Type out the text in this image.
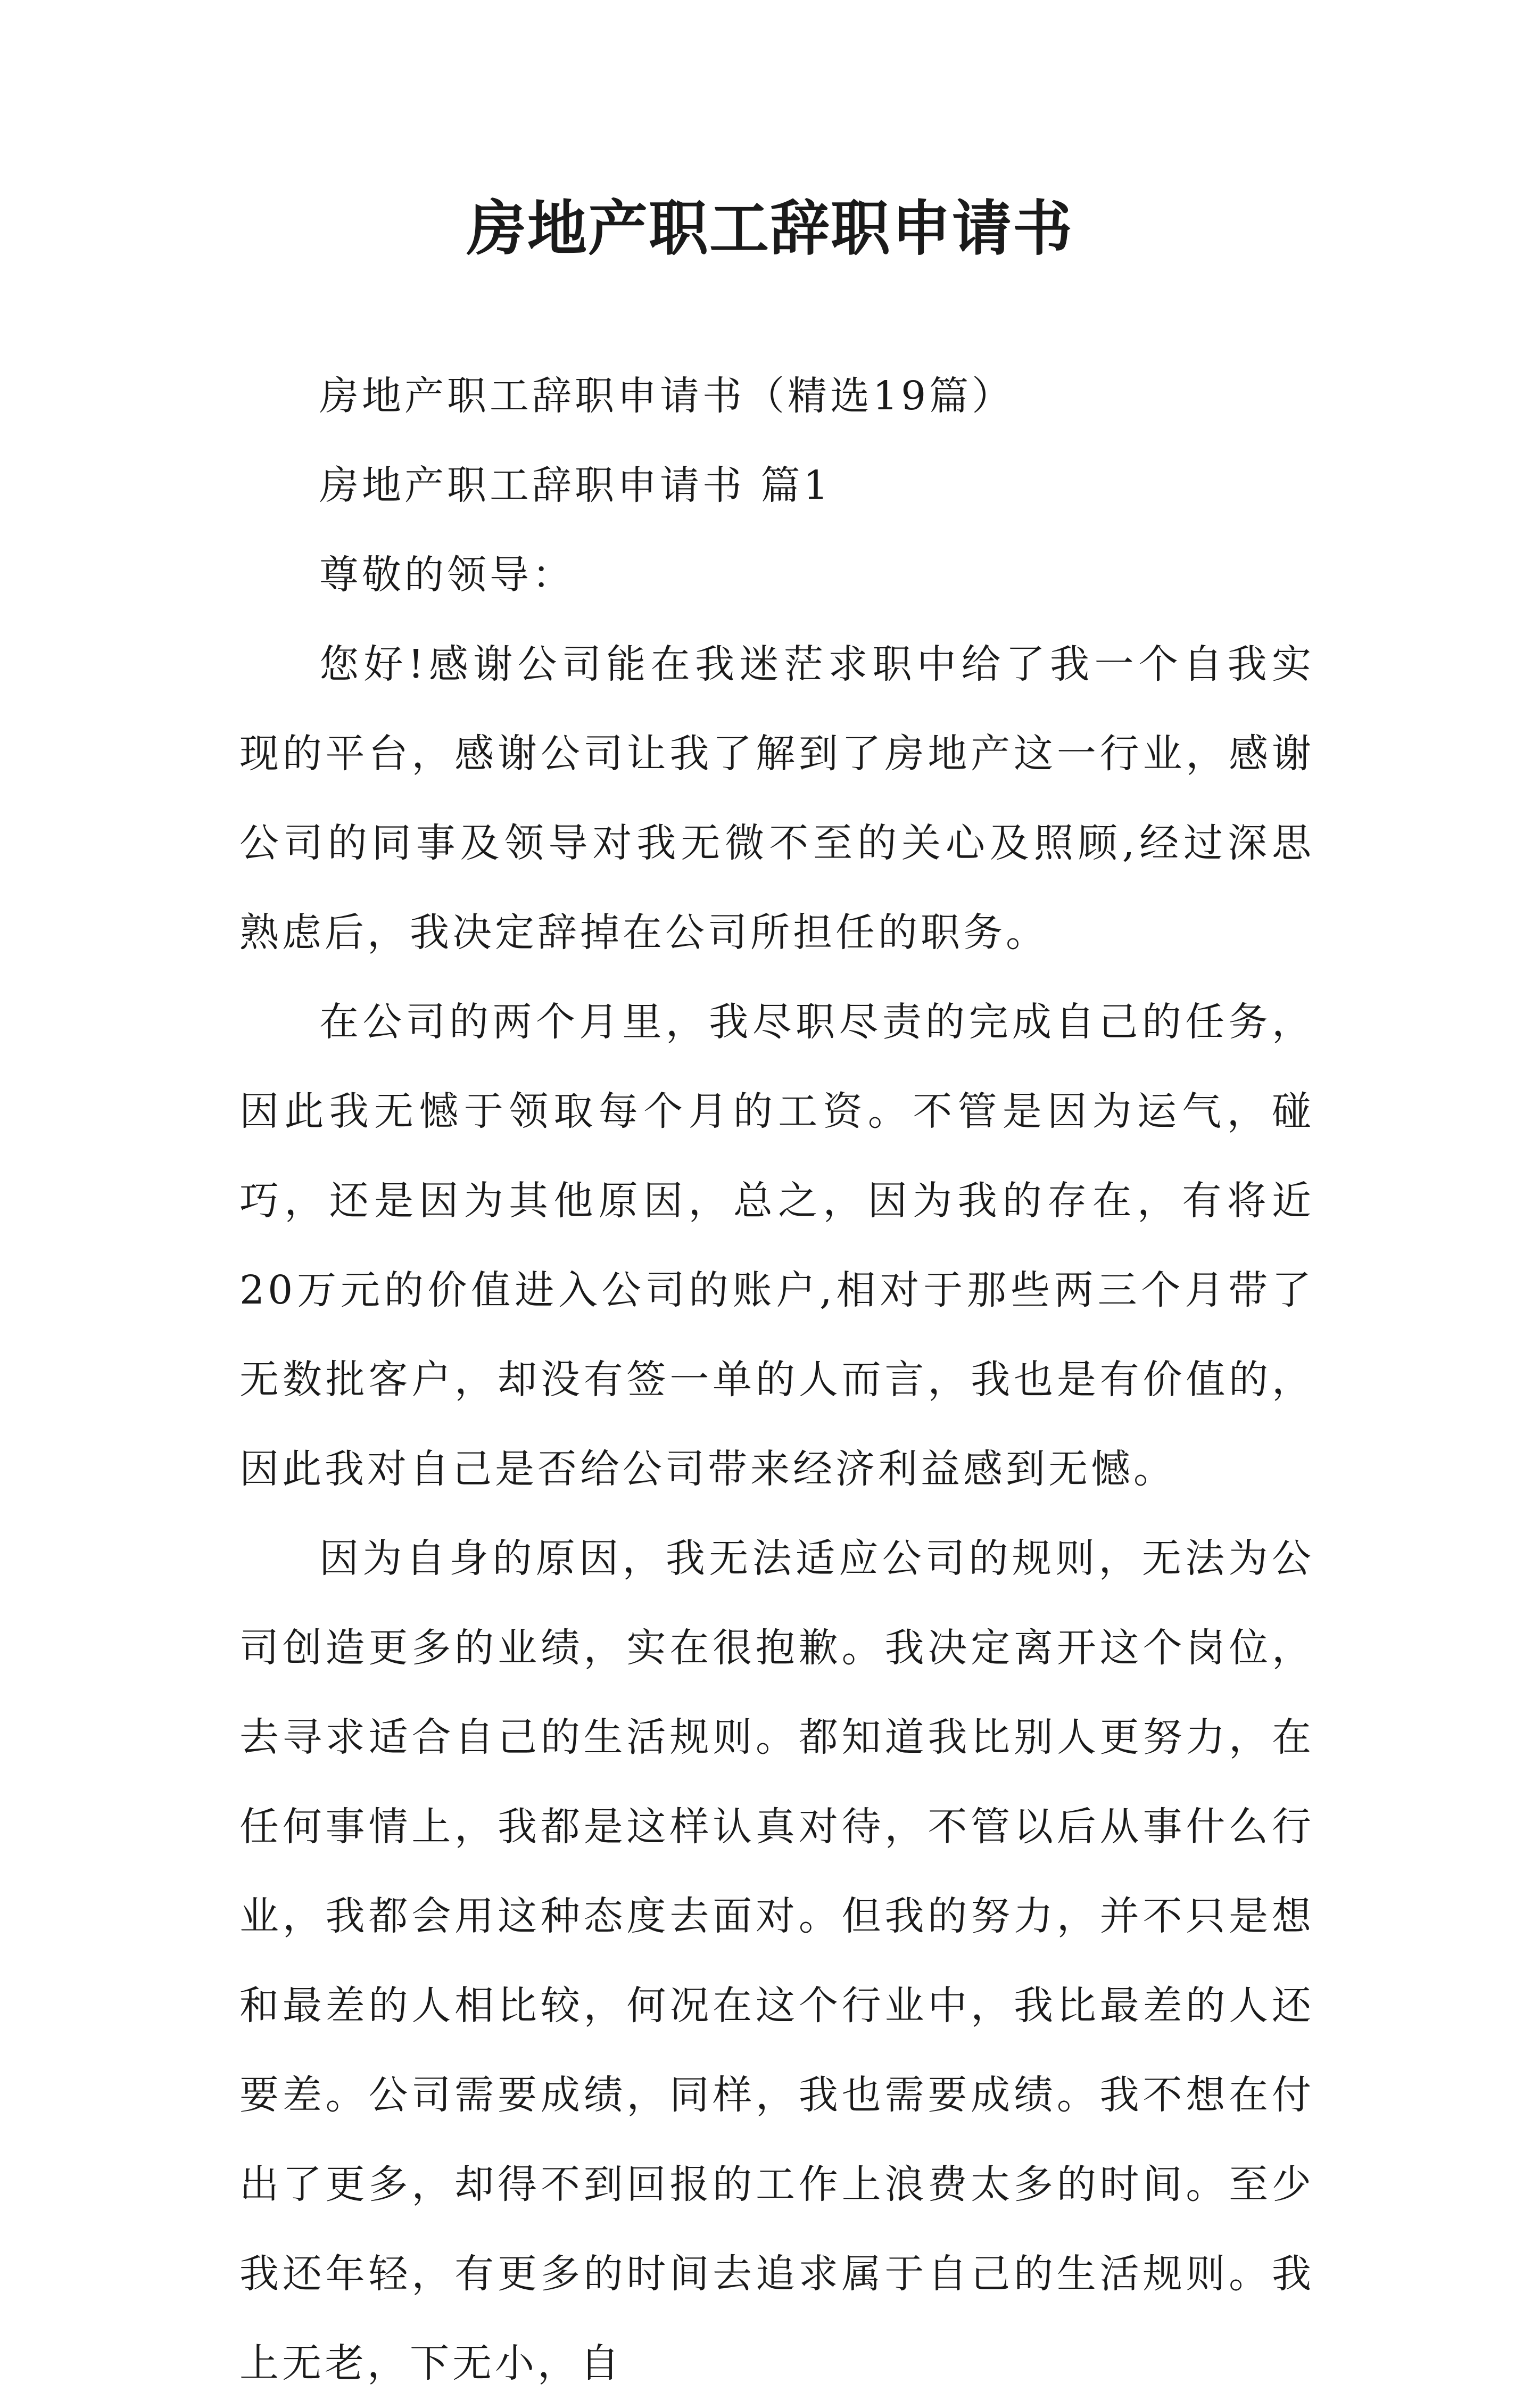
房地产职工辞职申请书

房地产职工辞职申请书（精选19篇）

房地产职工辞职申请书 篇1

尊敬的领导：

您好!感谢公司能在我迷茫求职中给了我一个自我实现的平台，感谢公司让我了解到了房地产这一行业，感谢公司的同事及领导对我无微不至的关心及照顾,经过深思熟虑后，我决定辞掉在公司所担任的职务。

在公司的两个月里，我尽职尽责的完成自己的任务，因此我无憾于领取每个月的工资。不管是因为运气，碰巧，还是因为其他原因，总之，因为我的存在，有将近20万元的价值进入公司的账户,相对于那些两三个月带了无数批客户，却没有签一单的人而言，我也是有价值的，因此我对自己是否给公司带来经济利益感到无憾。

因为自身的原因，我无法适应公司的规则，无法为公司创造更多的业绩，实在很抱歉。我决定离开这个岗位，去寻求适合自己的生活规则。都知道我比别人更努力，在任何事情上，我都是这样认真对待，不管以后从事什么行业，我都会用这种态度去面对。但我的努力，并不只是想和最差的人相比较，何况在这个行业中，我比最差的人还要差。公司需要成绩，同样，我也需要成绩。我不想在付出了更多，却得不到回报的工作上浪费太多的时间。至少我还年轻，有更多的时间去追求属于自己的生活规则。我上无老，下无小，自
